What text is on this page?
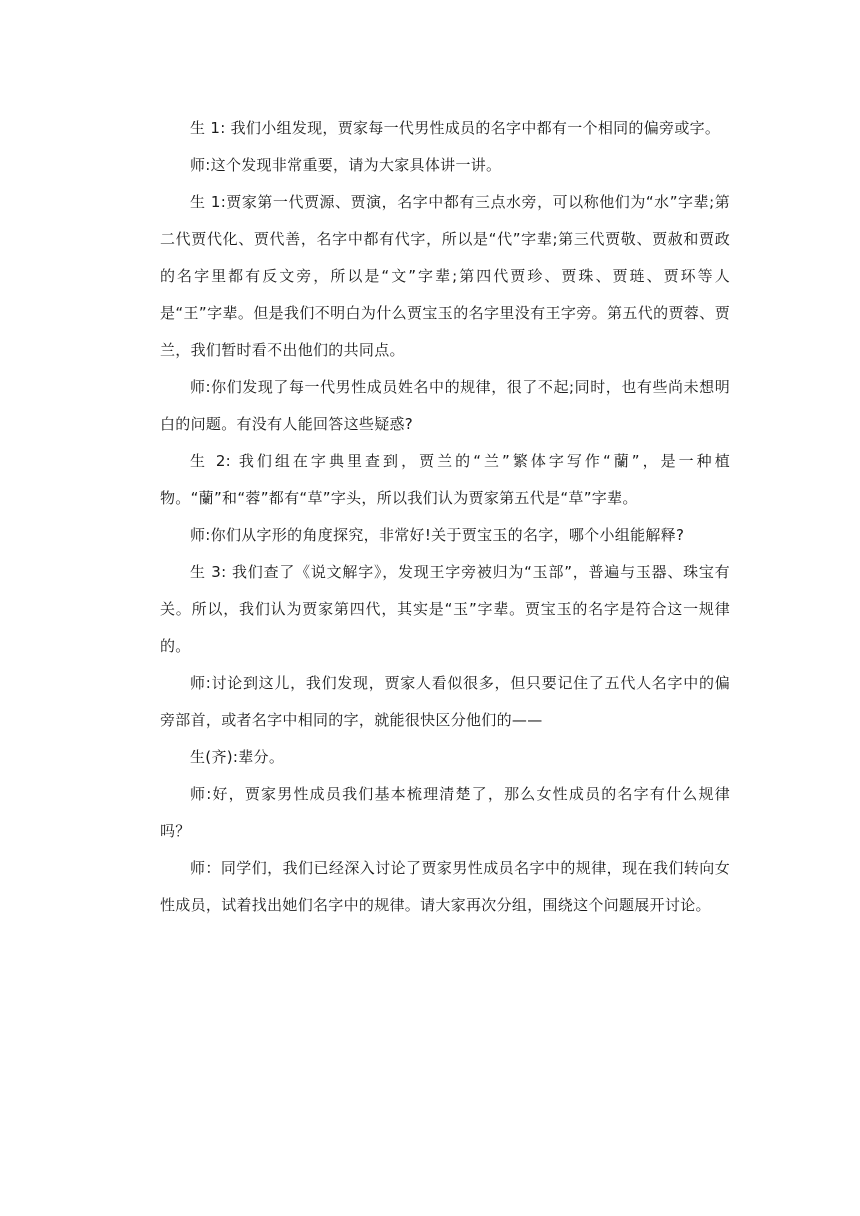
生 1: 我们小组发现，贾家每一代男性成员的名字中都有一个相同的偏旁或字。

师:这个发现非常重要，请为大家具体讲一讲。

生 1:贾家第一代贾源、贾演，名字中都有三点水旁，可以称他们为“水”字辈;第二代贾代化、贾代善，名字中都有代字，所以是“代”字辈;第三代贾敬、贾赦和贾政的名字里都有反文旁，所以是“文”字辈;第四代贾珍、贾珠、贾琏、贾环等人是“王”字辈。但是我们不明白为什么贾宝玉的名字里没有王字旁。第五代的贾蓉、贾兰，我们暂时看不出他们的共同点。

师:你们发现了每一代男性成员姓名中的规律，很了不起;同时，也有些尚未想明白的问题。有没有人能回答这些疑惑?

生 2: 我们组在字典里查到，贾兰的“兰”繁体字写作“蘭”，是一种植物。“蘭”和“蓉”都有“草”字头，所以我们认为贾家第五代是“草”字辈。

师:你们从字形的角度探究，非常好!关于贾宝玉的名字，哪个小组能解释?

生 3: 我们查了《说文解字》，发现王字旁被归为“玉部”，普遍与玉器、珠宝有关。所以，我们认为贾家第四代，其实是“玉”字辈。贾宝玉的名字是符合这一规律的。

师:讨论到这儿，我们发现，贾家人看似很多，但只要记住了五代人名字中的偏旁部首，或者名字中相同的字，就能很快区分他们的——

生(齐):辈分。

师:好，贾家男性成员我们基本梳理清楚了，那么女性成员的名字有什么规律吗？

师：同学们，我们已经深入讨论了贾家男性成员名字中的规律，现在我们转向女性成员，试着找出她们名字中的规律。请大家再次分组，围绕这个问题展开讨论。
